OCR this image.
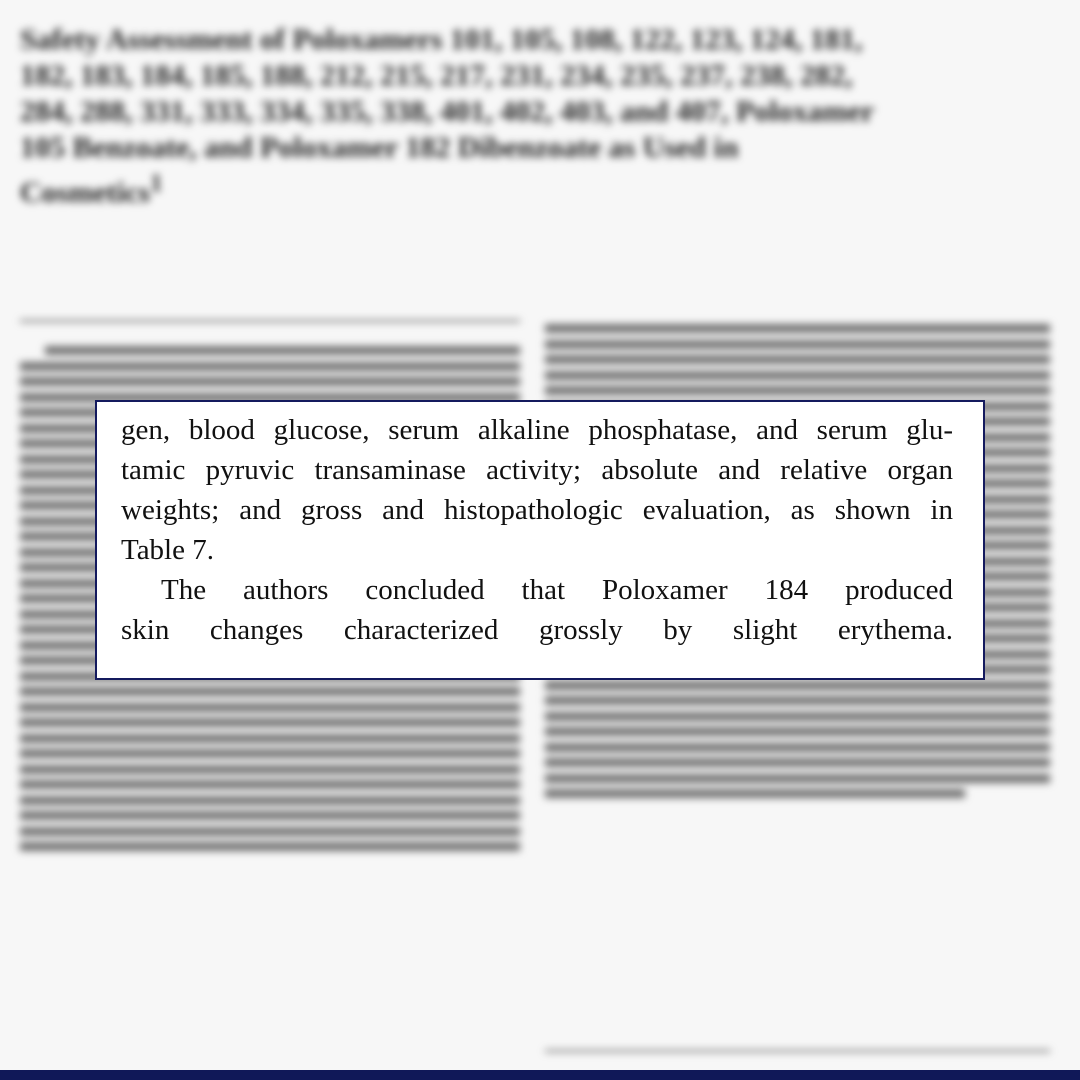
Safety Assessment of Poloxamers 101, 105, 108, 122, 123, 124, 181, 182, 183, 184, 185, 188, 212, 215, 217, 231, 234, 235, 237, 238, 282, 284, 288, 331, 333, 334, 335, 338, 401, 402, 403, and 407, Poloxamer 105 Benzoate, and Poloxamer 182 Dibenzoate as Used in Cosmetics$^1$
gen, blood glucose, serum alkaline phosphatase, and serum glu-
tamic pyruvic transaminase activity; absolute and relative organ
weights; and gross and histopathologic evaluation, as shown in
Table 7.
The authors concluded that Poloxamer 184 produced
skin changes characterized grossly by slight erythema.
